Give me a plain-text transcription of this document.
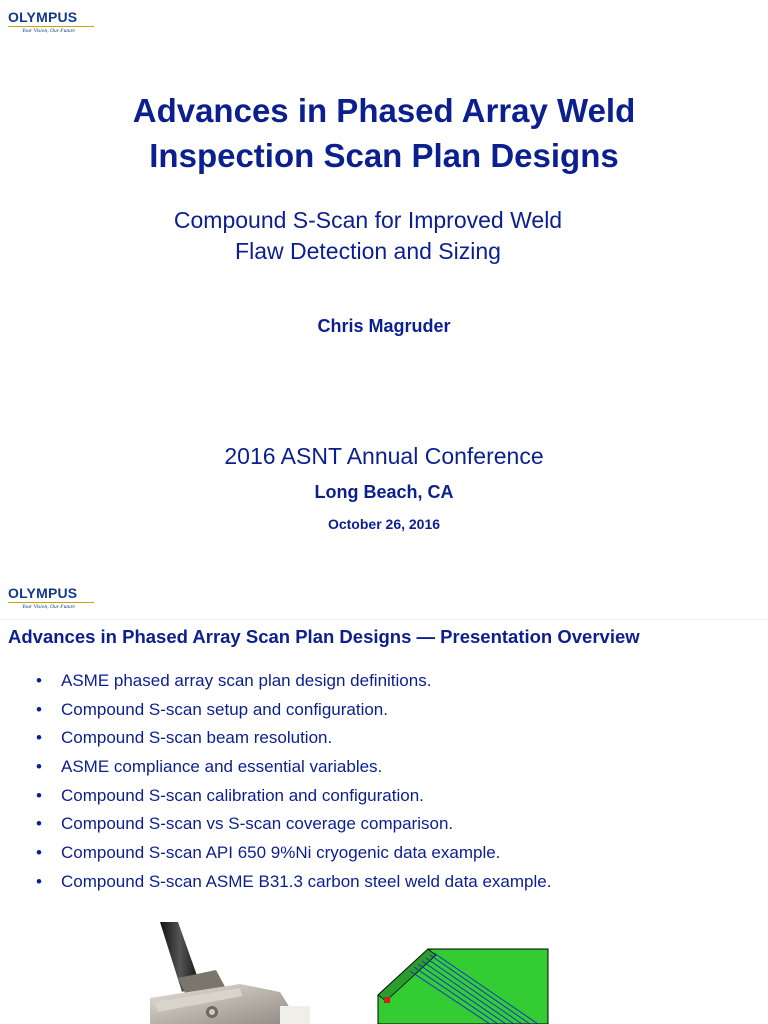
OLYMPUS
Your Vision, Our Future
Advances in Phased Array Weld
Inspection Scan Plan Designs
Compound S-Scan for Improved Weld
Flaw Detection and Sizing
Chris Magruder
2016 ASNT Annual Conference
Long Beach, CA
October 26, 2016
OLYMPUS
Your Vision, Our Future
Advances in Phased Array Scan Plan Designs — Presentation Overview
• ASME phased array scan plan design definitions.
• Compound S-scan setup and configuration.
• Compound S-scan beam resolution.
• ASME compliance and essential variables.
• Compound S-scan calibration and configuration.
• Compound S-scan vs S-scan coverage comparison.
• Compound S-scan API 650 9%Ni cryogenic data example.
• Compound S-scan ASME B31.3 carbon steel weld data example.
